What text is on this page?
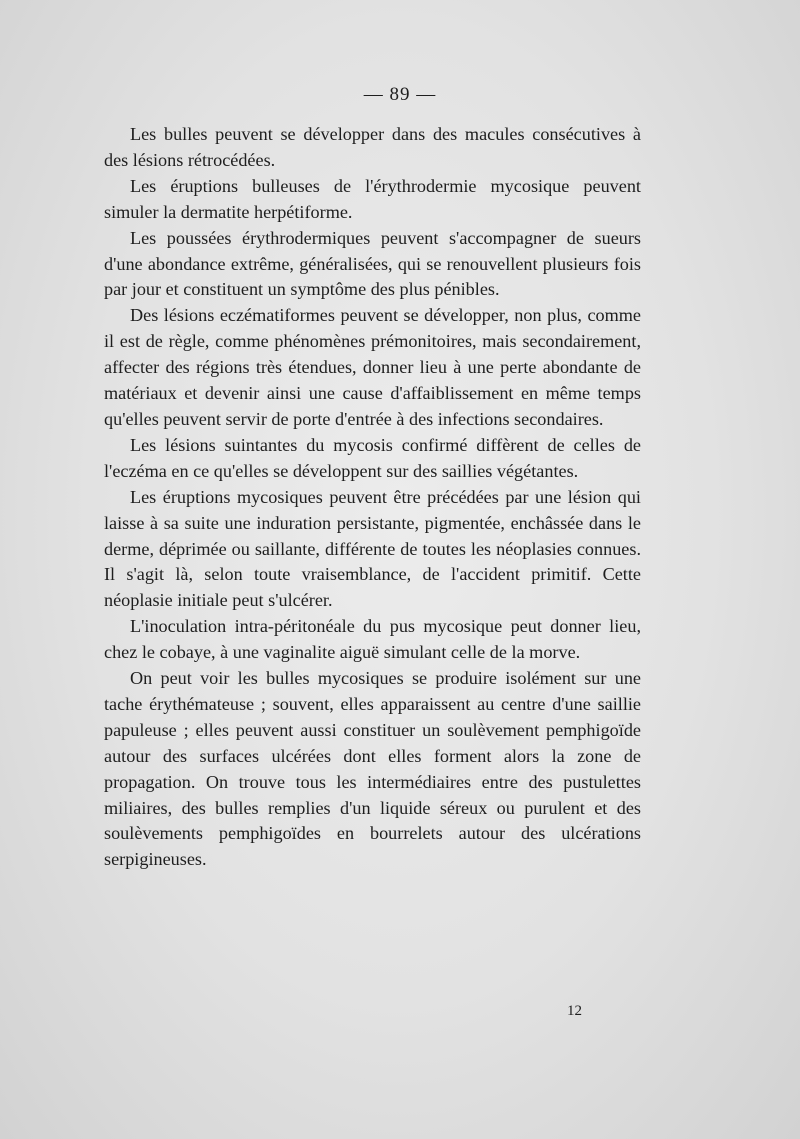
— 89 —

Les bulles peuvent se développer dans des macules consécutives à des lésions rétrocédées.

Les éruptions bulleuses de l'érythrodermie mycosique peuvent simuler la dermatite herpétiforme.

Les poussées érythrodermiques peuvent s'accompagner de sueurs d'une abondance extrême, généralisées, qui se renouvellent plusieurs fois par jour et constituent un symptôme des plus pénibles.

Des lésions eczématiformes peuvent se développer, non plus, comme il est de règle, comme phénomènes prémonitoires, mais secondairement, affecter des régions très étendues, donner lieu à une perte abondante de matériaux et devenir ainsi une cause d'affaiblissement en même temps qu'elles peuvent servir de porte d'entrée à des infections secondaires.

Les lésions suintantes du mycosis confirmé diffèrent de celles de l'eczéma en ce qu'elles se développent sur des saillies végétantes.

Les éruptions mycosiques peuvent être précédées par une lésion qui laisse à sa suite une induration persistante, pigmentée, enchâssée dans le derme, déprimée ou saillante, différente de toutes les néoplasies connues. Il s'agit là, selon toute vraisemblance, de l'accident primitif. Cette néoplasie initiale peut s'ulcérer.

L'inoculation intra-péritonéale du pus mycosique peut donner lieu, chez le cobaye, à une vaginalite aiguë simulant celle de la morve.

On peut voir les bulles mycosiques se produire isolément sur une tache érythémateuse ; souvent, elles apparaissent au centre d'une saillie papuleuse ; elles peuvent aussi constituer un soulèvement pemphigoïde autour des surfaces ulcérées dont elles forment alors la zone de propagation. On trouve tous les intermédiaires entre des pustulettes miliaires, des bulles remplies d'un liquide séreux ou purulent et des soulèvements pemphigoïdes en bourrelets autour des ulcérations serpigineuses.

12
